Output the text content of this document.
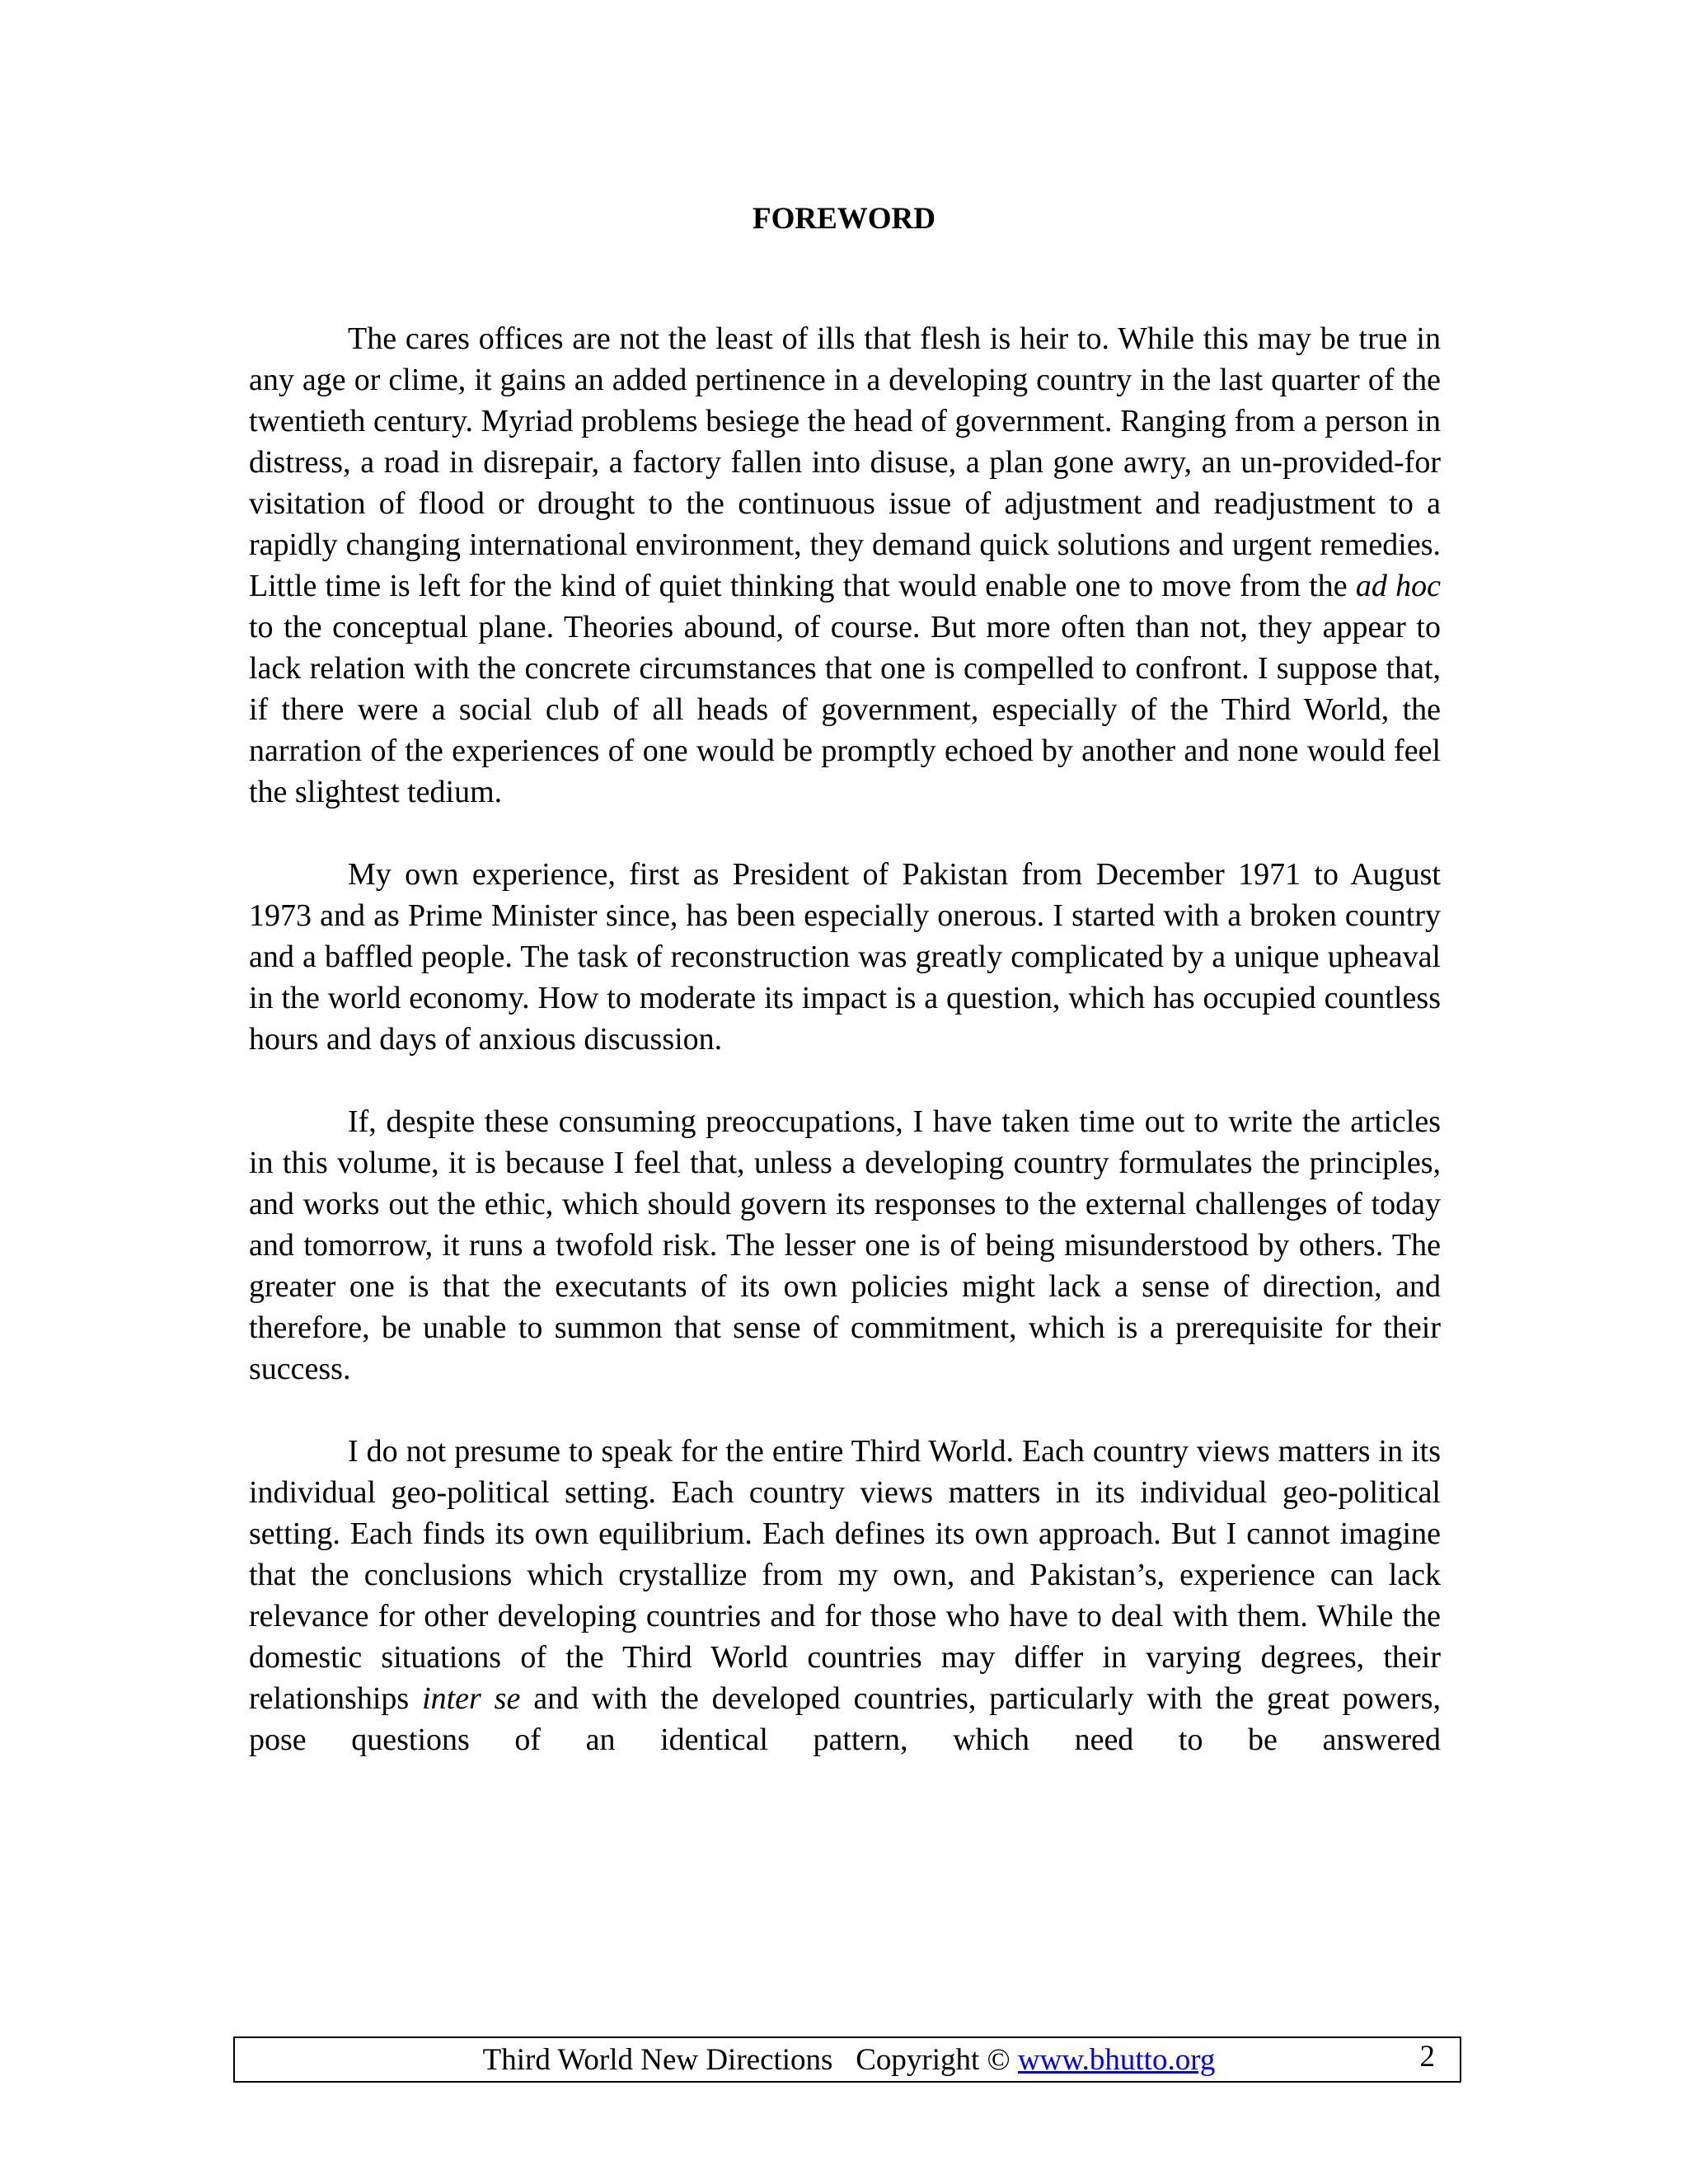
FOREWORD

The cares offices are not the least of ills that flesh is heir to. While this may be true in any age or clime, it gains an added pertinence in a developing country in the last quarter of the twentieth century. Myriad problems besiege the head of government. Ranging from a person in distress, a road in disrepair, a factory fallen into disuse, a plan gone awry, an un-provided-for visitation of flood or drought to the continuous issue of adjustment and readjustment to a rapidly changing international environment, they demand quick solutions and urgent remedies. Little time is left for the kind of quiet thinking that would enable one to move from the ad hoc to the conceptual plane. Theories abound, of course. But more often than not, they appear to lack relation with the concrete circumstances that one is compelled to confront. I suppose that, if there were a social club of all heads of government, especially of the Third World, the narration of the experiences of one would be promptly echoed by another and none would feel the slightest tedium.

My own experience, first as President of Pakistan from December 1971 to August 1973 and as Prime Minister since, has been especially onerous. I started with a broken country and a baffled people. The task of reconstruction was greatly complicated by a unique upheaval in the world economy. How to moderate its impact is a question, which has occupied countless hours and days of anxious discussion.

If, despite these consuming preoccupations, I have taken time out to write the articles in this volume, it is because I feel that, unless a developing country formulates the principles, and works out the ethic, which should govern its responses to the external challenges of today and tomorrow, it runs a twofold risk. The lesser one is of being misunderstood by others. The greater one is that the executants of its own policies might lack a sense of direction, and therefore, be unable to summon that sense of commitment, which is a prerequisite for their success.

I do not presume to speak for the entire Third World. Each country views matters in its individual geo-political setting. Each country views matters in its individual geo-political setting. Each finds its own equilibrium. Each defines its own approach. But I cannot imagine that the conclusions which crystallize from my own, and Pakistan’s, experience can lack relevance for other developing countries and for those who have to deal with them. While the domestic situations of the Third World countries may differ in varying degrees, their relationships inter se and with the developed countries, particularly with the great powers, pose questions of an identical pattern, which need to be answered

Third World New Directions   Copyright © www.bhutto.org	2
